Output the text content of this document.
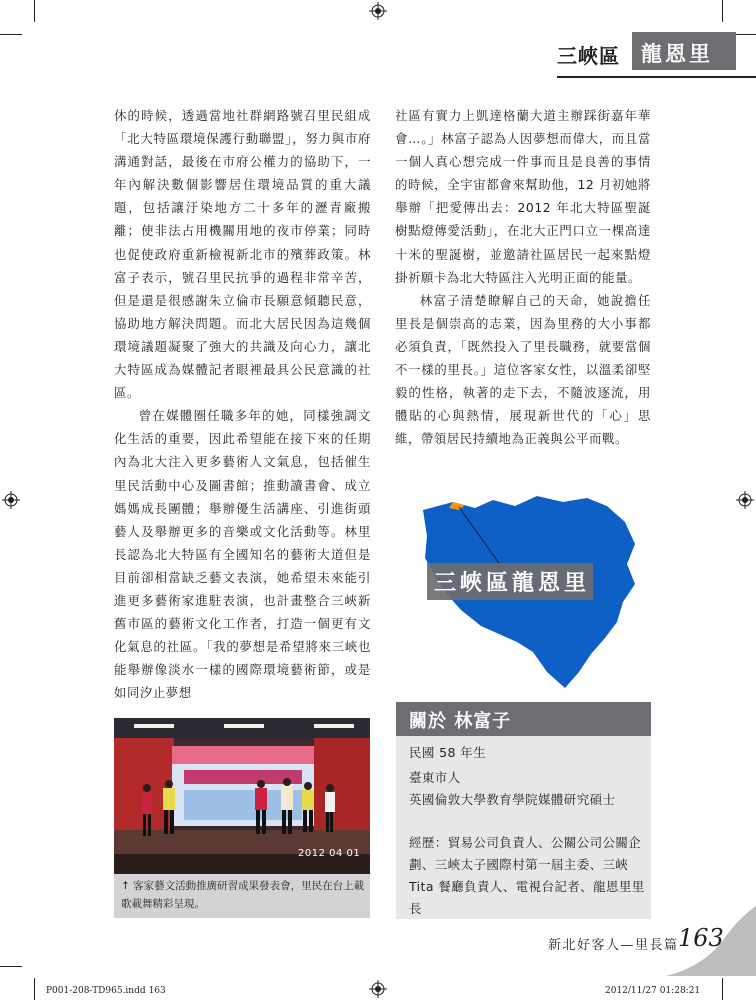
三峽區 龍恩里

休的時候，透過當地社群網路號召里民組成「北大特區環境保護行動聯盟」，努力與市府溝通對話，最後在市府公權力的協助下，一年內解決數個影響居住環境品質的重大議題，包括讓汙染地方二十多年的瀝青廠搬離；使非法占用機關用地的夜市停業；同時也促使政府重新檢視新北市的殯葬政策。林富子表示，號召里民抗爭的過程非常辛苦，但是還是很感謝朱立倫市長願意傾聽民意，協助地方解決問題。而北大居民因為這幾個環境議題凝聚了強大的共識及向心力，讓北大特區成為媒體記者眼裡最具公民意識的社區。

曾在媒體圈任職多年的她，同樣強調文化生活的重要，因此希望能在接下來的任期內為北大注入更多藝術人文氣息，包括催生里民活動中心及圖書館；推動讀書會、成立媽媽成長團體；舉辦優生活講座、引進街頭藝人及舉辦更多的音樂或文化活動等。林里長認為北大特區有全國知名的藝術大道但是目前卻相當缺乏藝文表演，她希望未來能引進更多藝術家進駐表演，也計畫整合三峽新舊市區的藝術文化工作者，打造一個更有文化氣息的社區。「我的夢想是希望將來三峽也能舉辦像淡水一樣的國際環境藝術節，或是如同汐止夢想

社區有實力上凱達格蘭大道主辦踩街嘉年華會…。」林富子認為人因夢想而偉大，而且當一個人真心想完成一件事而且是良善的事情的時候，全宇宙都會來幫助他，12 月初她將舉辦「把愛傳出去：2012 年北大特區聖誕樹點燈傳愛活動」，在北大正門口立一棵高達十米的聖誕樹，並邀請社區居民一起來點燈掛祈願卡為北大特區注入光明正面的能量。

林富子清楚瞭解自己的天命，她說擔任里長是個崇高的志業，因為里務的大小事都必須負責，「既然投入了里長職務，就要當個不一樣的里長。」這位客家女性，以溫柔卻堅毅的性格，執著的走下去，不隨波逐流，用體貼的心與熱情，展現新世代的「心」思維，帶領居民持續地為正義與公平而戰。

2012 04 01
↑ 客家藝文活動推廣研習成果發表會，里民在台上載歌載舞精彩呈現。
三峽區龍恩里
關於 林富子
民國 58 年生
臺東市人
英國倫敦大學教育學院媒體研究碩士
經歷：貿易公司負責人、公關公司公關企劃、三峽太子國際村第一屆主委、三峽 Tita 餐廳負責人、電視台記者、龍恩里里長
新北好客人—里長篇 163
P001-208-TD965.indd 163	2012/11/27 01:28:21
